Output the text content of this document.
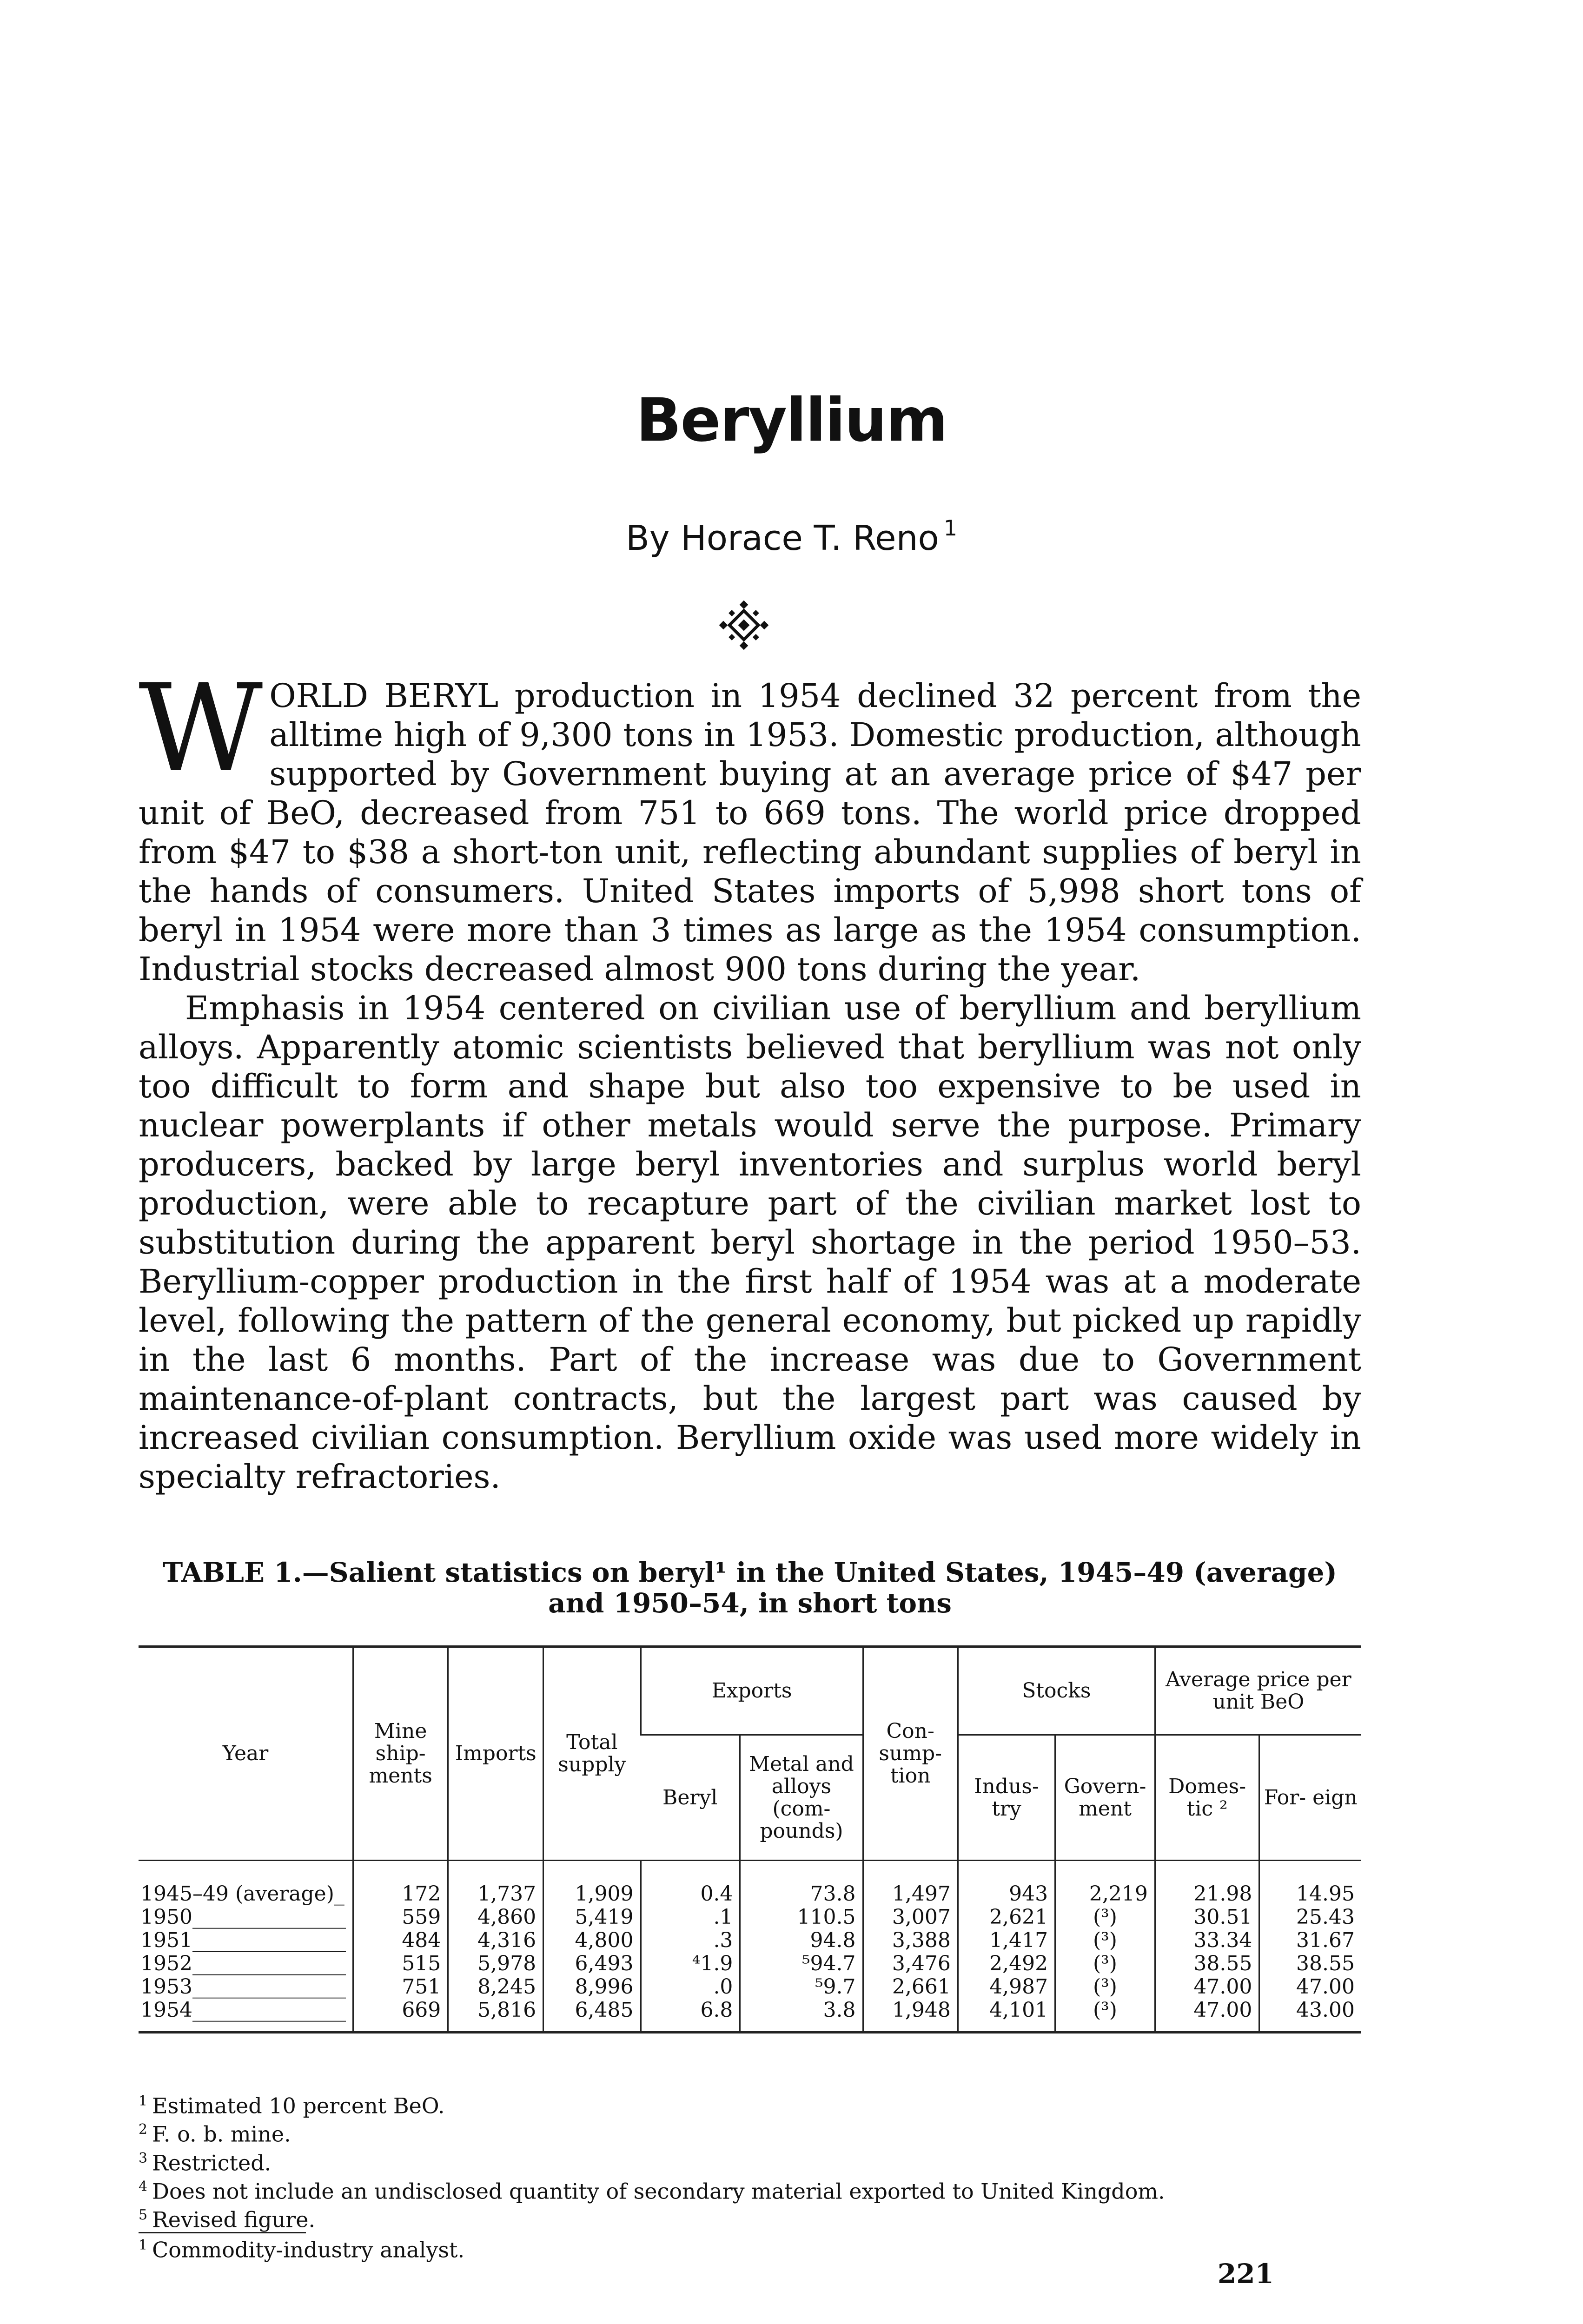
Beryllium
By Horace T. Reno $^1$

WORLD BERYL production in 1954 declined 32 percent from the alltime high of 9,300 tons in 1953. Domestic production, although supported by Government buying at an average price of $47 per unit of BeO, decreased from 751 to 669 tons. The world price dropped from $47 to $38 a short-ton unit, reflecting abundant supplies of beryl in the hands of consumers. United States imports of 5,998 short tons of beryl in 1954 were more than 3 times as large as the 1954 consumption. Industrial stocks decreased almost 900 tons during the year.

Emphasis in 1954 centered on civilian use of beryllium and beryllium alloys. Apparently atomic scientists believed that beryllium was not only too difficult to form and shape but also too expensive to be used in nuclear powerplants if other metals would serve the purpose. Primary producers, backed by large beryl inventories and surplus world beryl production, were able to recapture part of the civilian market lost to substitution during the apparent beryl shortage in the period 1950–53. Beryllium-copper production in the first half of 1954 was at a moderate level, following the pattern of the general economy, but picked up rapidly in the last 6 months. Part of the increase was due to Government maintenance-of-plant contracts, but the largest part was caused by increased civilian consumption. Beryllium oxide was used more widely in specialty refractories.

TABLE 1.—Salient statistics on beryl¹ in the United States, 1945–49 (average)
and 1950–54, in short tons
Year	Mine ship- ments	Imports	Total supply	Exports		Con- sump- tion	Stocks		Average price per unit BeO	
				Beryl	Metal and alloys (com- pounds)		Indus- try	Govern- ment	Domes- tic ²	For- eign
1945–49 (average)_	172	1,737	1,909	0.4	73.8	1,497	943	2,219	21.98	14.95
1950_______________	559	4,860	5,419	.1	110.5	3,007	2,621	(³)	30.51	25.43
1951_______________	484	4,316	4,800	.3	94.8	3,388	1,417	(³)	33.34	31.67
1952_______________	515	5,978	6,493	⁴1.9	⁵94.7	3,476	2,492	(³)	38.55	38.55
1953_______________	751	8,245	8,996	.0	⁵9.7	2,661	4,987	(³)	47.00	47.00
1954_______________	669	5,816	6,485	6.8	3.8	1,948	4,101	(³)	47.00	43.00
$^1$ Estimated 10 percent BeO.
$^2$ F. o. b. mine.
$^3$ Restricted.
$^4$ Does not include an undisclosed quantity of secondary material exported to United Kingdom.
$^5$ Revised figure.
$^1$ Commodity-industry analyst.
221
